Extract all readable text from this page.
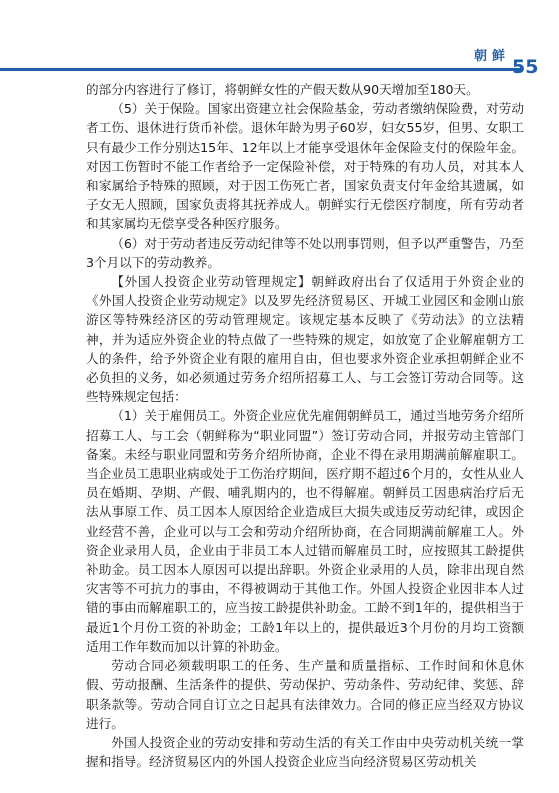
朝鲜 55

的部分内容进行了修订，将朝鲜女性的产假天数从90天增加至180天。

（5）关于保险。国家出资建立社会保险基金，劳动者缴纳保险费，对劳动者工伤、退休进行货币补偿。退休年龄为男子60岁，妇女55岁，但男、女职工只有最少工作分别达15年、12年以上才能享受退休年金保险支付的保险年金。对因工伤暂时不能工作者给予一定保险补偿，对于特殊的有功人员，对其本人和家属给予特殊的照顾，对于因工伤死亡者，国家负责支付年金给其遗属，如子女无人照顾，国家负责将其抚养成人。朝鲜实行无偿医疗制度，所有劳动者和其家属均无偿享受各种医疗服务。

（6）对于劳动者违反劳动纪律等不处以刑事罚则，但予以严重警告，乃至3个月以下的劳动教养。

【外国人投资企业劳动管理规定】朝鲜政府出台了仅适用于外资企业的《外国人投资企业劳动规定》以及罗先经济贸易区、开城工业园区和金刚山旅游区等特殊经济区的劳动管理规定。该规定基本反映了《劳动法》的立法精神，并为适应外资企业的特点做了一些特殊的规定，如放宽了企业解雇朝方工人的条件，给予外资企业有限的雇用自由，但也要求外资企业承担朝鲜企业不必负担的义务，如必须通过劳务介绍所招募工人、与工会签订劳动合同等。这些特殊规定包括：

（1）关于雇佣员工。外资企业应优先雇佣朝鲜员工，通过当地劳务介绍所招募工人、与工会（朝鲜称为“职业同盟”）签订劳动合同，并报劳动主管部门备案。未经与职业同盟和劳务介绍所协商，企业不得在录用期满前解雇职工。当企业员工患职业病或处于工伤治疗期间，医疗期不超过6个月的，女性从业人员在婚期、孕期、产假、哺乳期内的，也不得解雇。朝鲜员工因患病治疗后无法从事原工作、员工因本人原因给企业造成巨大损失或违反劳动纪律，或因企业经营不善，企业可以与工会和劳动介绍所协商，在合同期满前解雇工人。外资企业录用人员，企业由于非员工本人过错而解雇员工时，应按照其工龄提供补助金。员工因本人原因可以提出辞职。外资企业录用的人员，除非出现自然灾害等不可抗力的事由，不得被调动于其他工作。外国人投资企业因非本人过错的事由而解雇职工的，应当按工龄提供补助金。工龄不到1年的，提供相当于最近1个月份工资的补助金；工龄1年以上的，提供最近3个月份的月均工资额适用工作年数而加以计算的补助金。

劳动合同必须载明职工的任务、生产量和质量指标、工作时间和休息休假、劳动报酬、生活条件的提供、劳动保护、劳动条件、劳动纪律、奖惩、辞职条款等。劳动合同自订立之日起具有法律效力。合同的修正应当经双方协议进行。

外国人投资企业的劳动安排和劳动生活的有关工作由中央劳动机关统一掌握和指导。经济贸易区内的外国人投资企业应当向经济贸易区劳动机关
